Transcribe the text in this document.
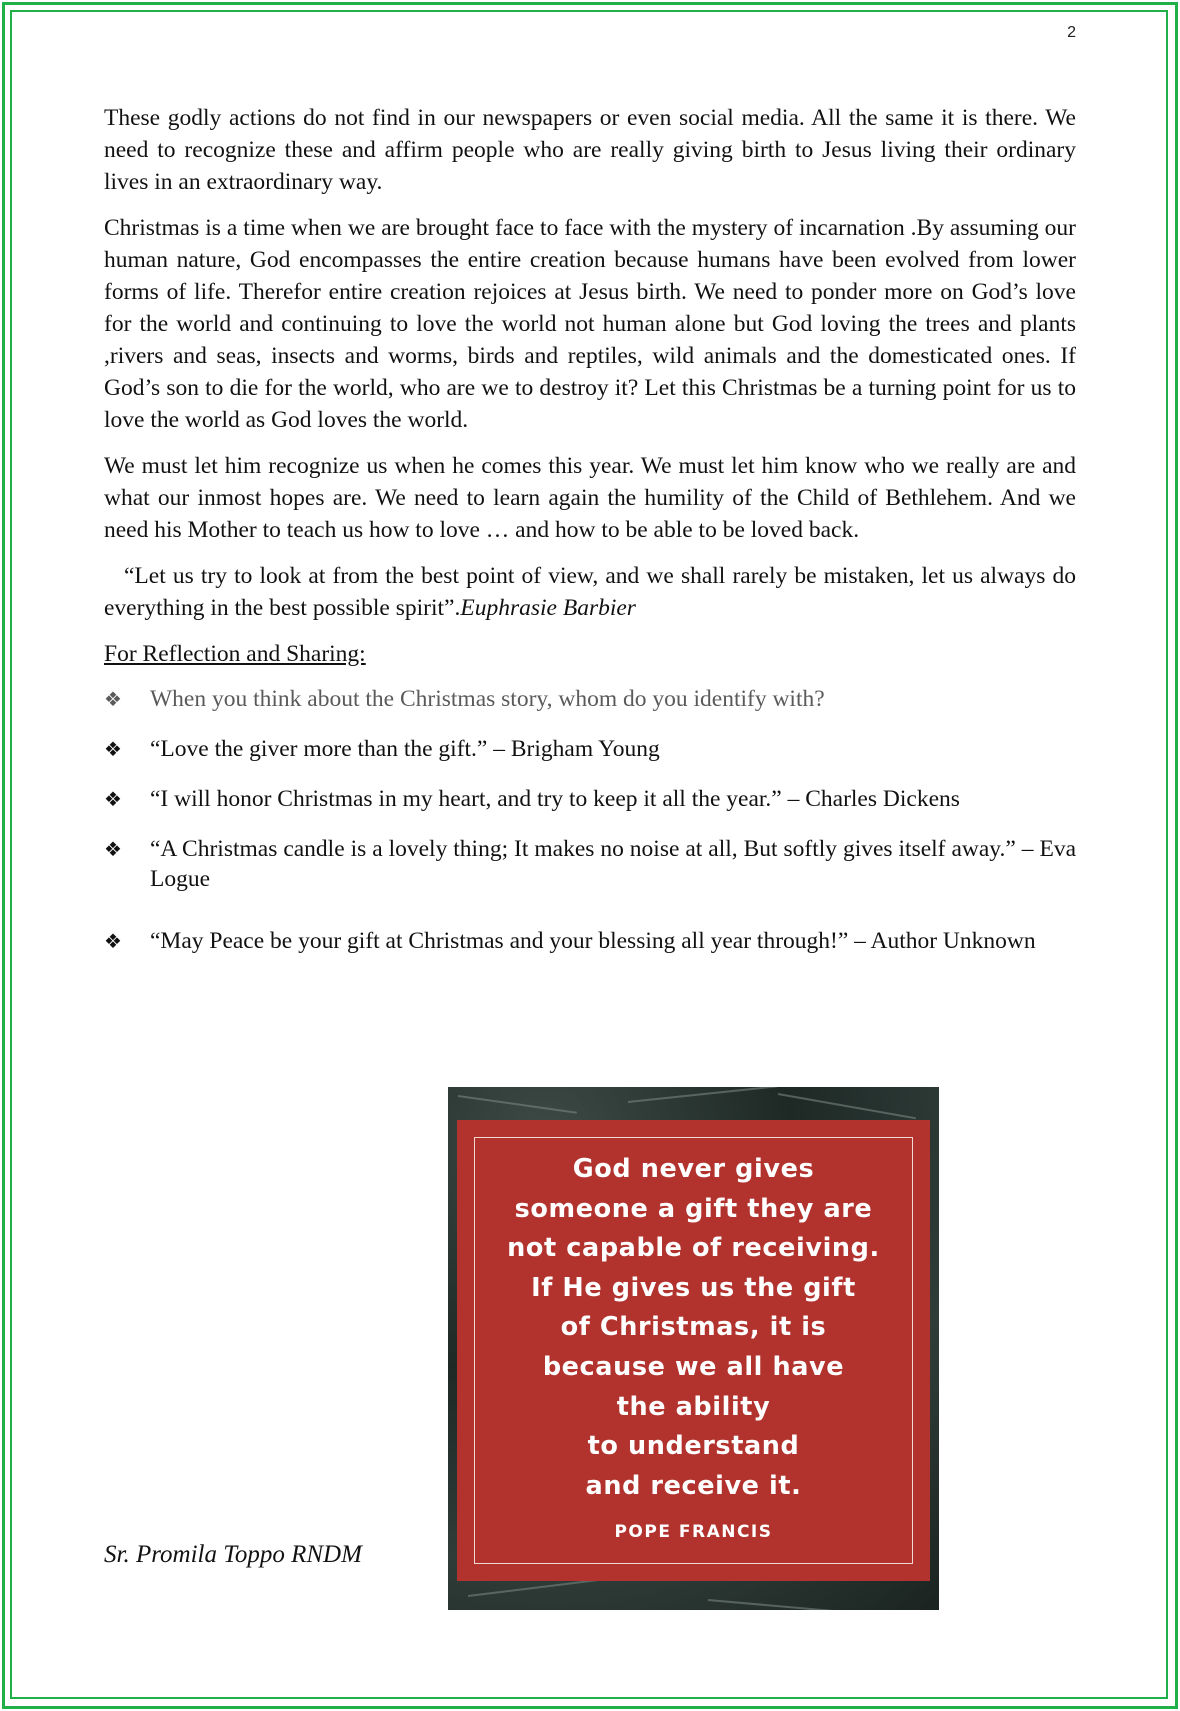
2

These godly actions do not find in our newspapers or even social media. All the same it is there. We need to recognize these and affirm people who are really giving birth to Jesus living their ordinary lives in an extraordinary way.

Christmas is a time when we are brought face to face with the mystery of incarnation .By assuming our human nature, God encompasses the entire creation because humans have been evolved from lower forms of life. Therefor entire creation rejoices at Jesus birth. We need to ponder more on God’s love for the world and continuing to love the world not human alone but God loving the trees and plants ,rivers and seas, insects and worms, birds and reptiles, wild animals and the domesticated ones. If God’s son to die for the world, who are we to destroy it? Let this Christmas be a turning point for us to love the world as God loves the world.

We must let him recognize us when he comes this year. We must let him know who we really are and what our inmost hopes are. We need to learn again the humility of the Child of Bethlehem. And we need his Mother to teach us how to love … and how to be able to be loved back.

“Let us try to look at from the best point of view, and we shall rarely be mistaken, let us always do everything in the best possible spirit”.Euphrasie Barbier

For Reflection and Sharing:
❖ When you think about the Christmas story, whom do you identify with?
❖ “Love the giver more than the gift.” – Brigham Young
❖ “I will honor Christmas in my heart, and try to keep it all the year.” – Charles Dickens
❖ “A Christmas candle is a lovely thing; It makes no noise at all, But softly gives itself away.” – Eva Logue
❖ “May Peace be your gift at Christmas and your blessing all year through!” – Author Unknown
God never gives
someone a gift they are
not capable of receiving.
If He gives us the gift
of Christmas, it is
because we all have
the ability
to understand
and receive it.
POPE FRANCIS
Sr. Promila Toppo RNDM
